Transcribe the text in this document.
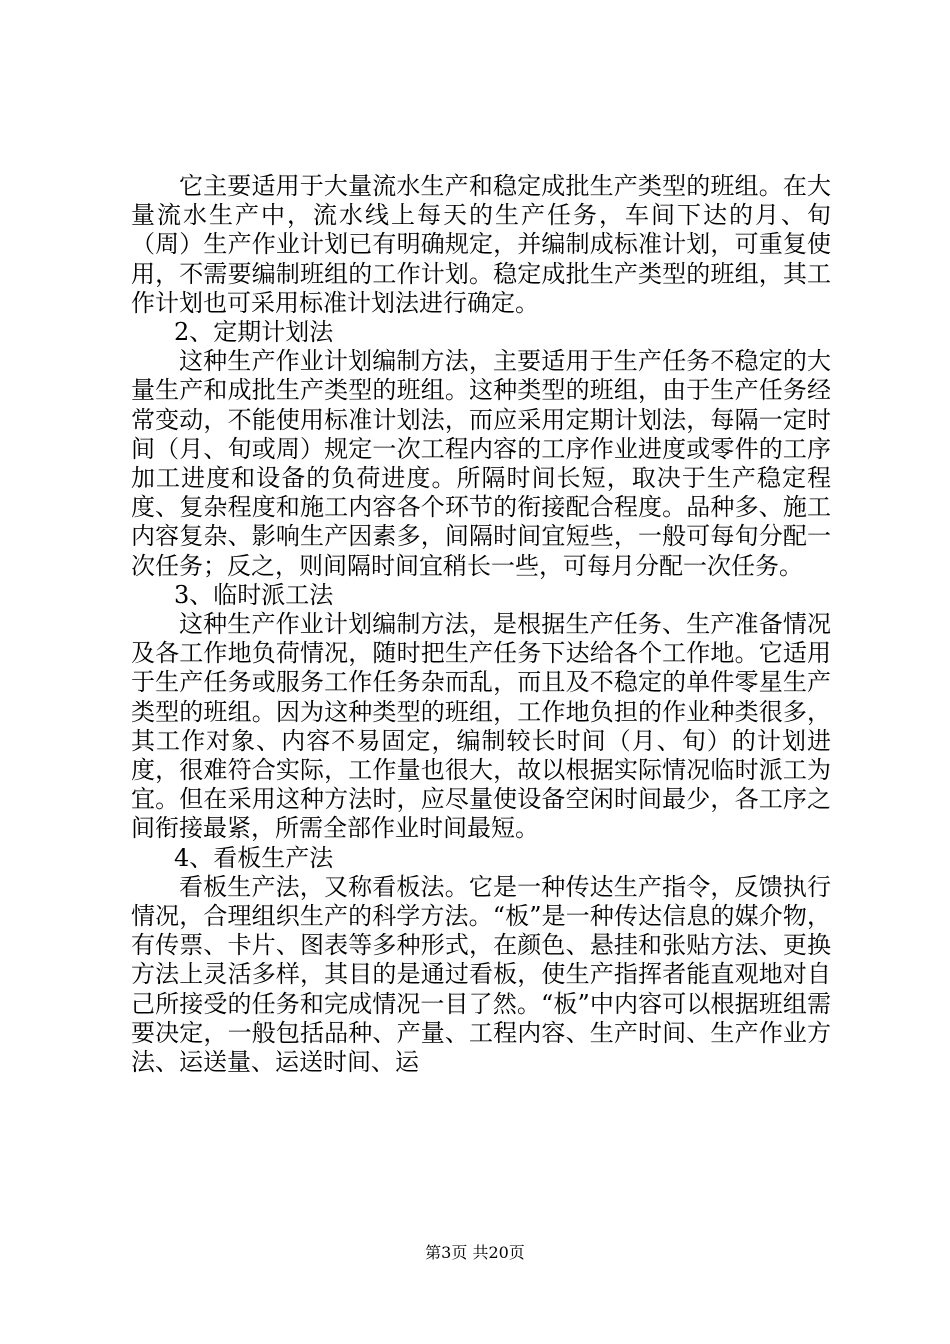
它主要适用于大量流水生产和稳定成批生产类型的班组。在大量流水生产中，流水线上每天的生产任务，车间下达的月、旬（周）生产作业计划已有明确规定，并编制成标准计划，可重复使用，不需要编制班组的工作计划。稳定成批生产类型的班组，其工作计划也可采用标准计划法进行确定。

2、定期计划法

这种生产作业计划编制方法，主要适用于生产任务不稳定的大量生产和成批生产类型的班组。这种类型的班组，由于生产任务经常变动，不能使用标准计划法，而应采用定期计划法，每隔一定时间（月、旬或周）规定一次工程内容的工序作业进度或零件的工序加工进度和设备的负荷进度。所隔时间长短，取决于生产稳定程度、复杂程度和施工内容各个环节的衔接配合程度。品种多、施工内容复杂、影响生产因素多，间隔时间宜短些，一般可每旬分配一次任务；反之，则间隔时间宜稍长一些，可每月分配一次任务。

3、临时派工法

这种生产作业计划编制方法，是根据生产任务、生产准备情况及各工作地负荷情况，随时把生产任务下达给各个工作地。它适用于生产任务或服务工作任务杂而乱，而且及不稳定的单件零星生产类型的班组。因为这种类型的班组，工作地负担的作业种类很多，其工作对象、内容不易固定，编制较长时间（月、旬）的计划进度，很难符合实际，工作量也很大，故以根据实际情况临时派工为宜。但在采用这种方法时，应尽量使设备空闲时间最少，各工序之间衔接最紧，所需全部作业时间最短。

4、看板生产法

看板生产法，又称看板法。它是一种传达生产指令，反馈执行情况，合理组织生产的科学方法。“板”是一种传达信息的媒介物，有传票、卡片、图表等多种形式，在颜色、悬挂和张贴方法、更换方法上灵活多样，其目的是通过看板，使生产指挥者能直观地对自己所接受的任务和完成情况一目了然。“板”中内容可以根据班组需要决定，一般包括品种、产量、工程内容、生产时间、生产作业方法、运送量、运送时间、运

第3页 共20页
